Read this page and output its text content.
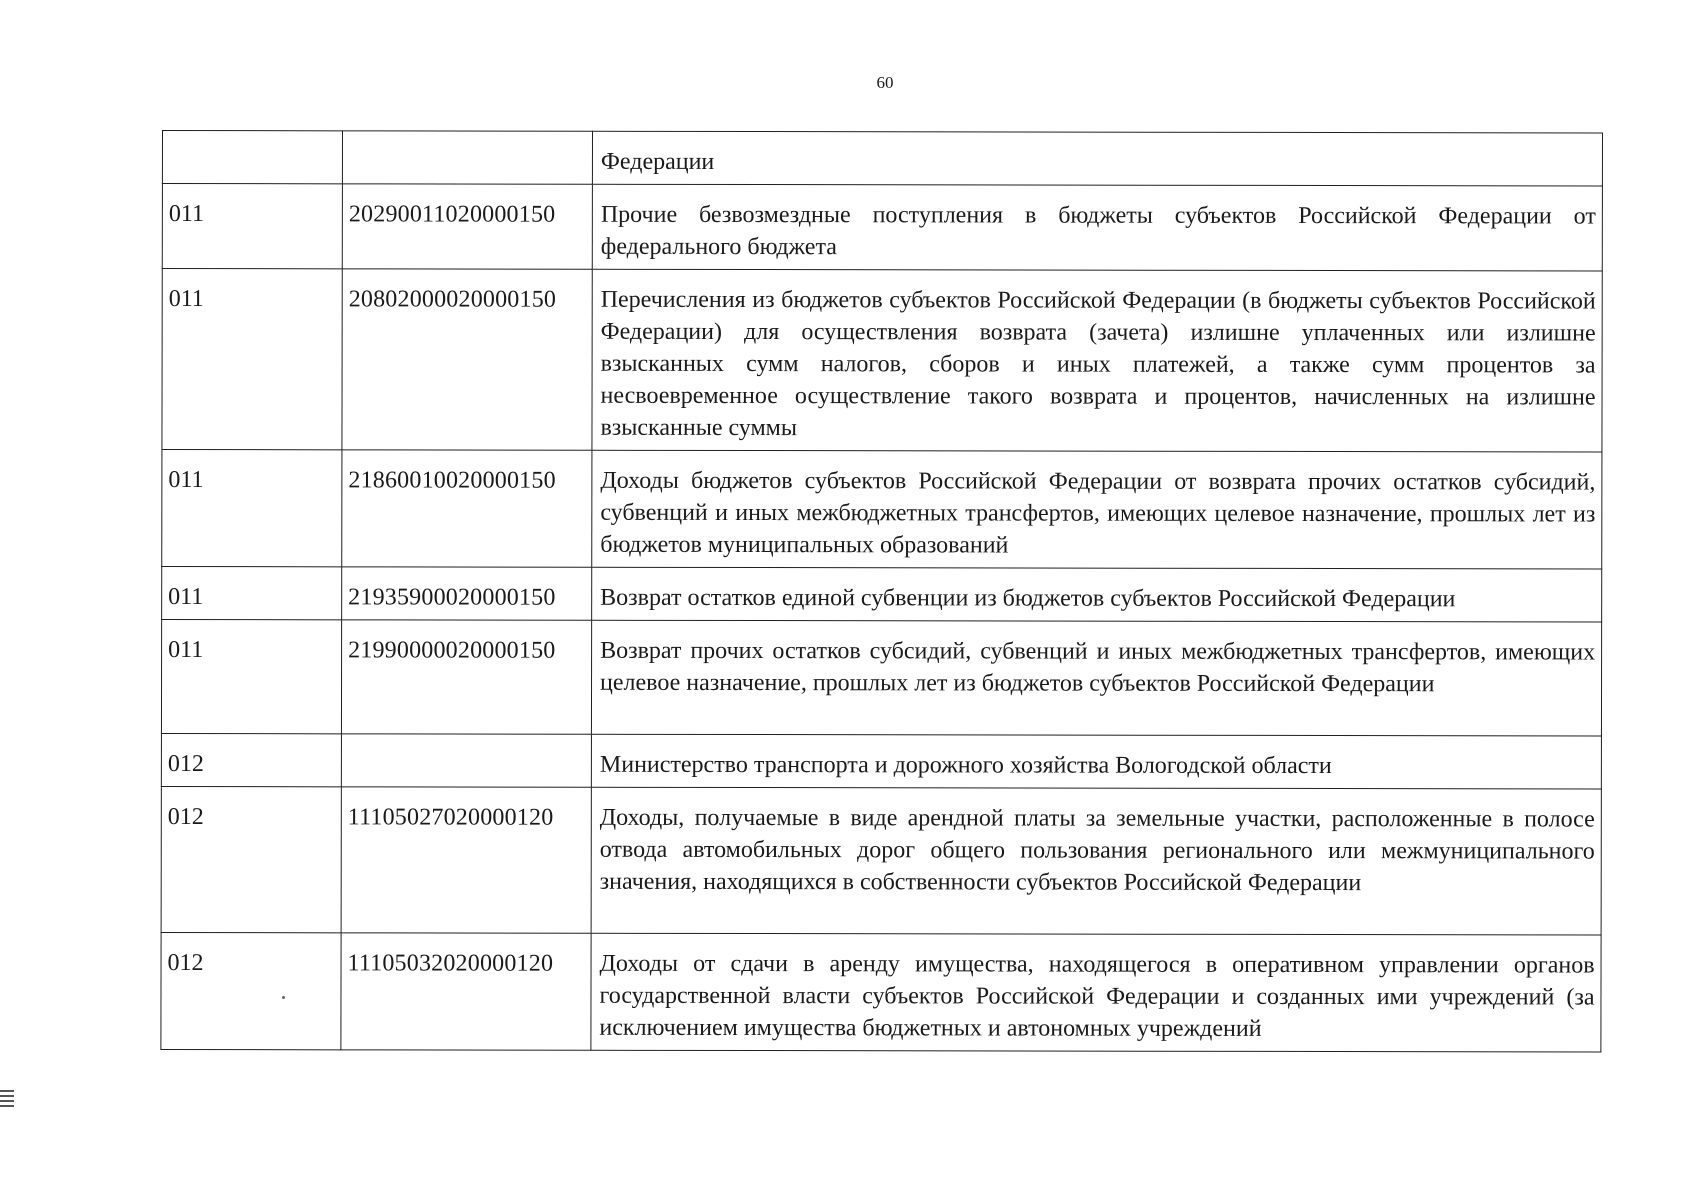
60
		Федерации
011	20290011020000150	Прочие безвозмездные поступления в бюджеты субъектов Российской Федерации от федерального бюджета
011	20802000020000150	Перечисления из бюджетов субъектов Российской Федерации (в бюджеты субъектов Российской Федерации) для осуществления возврата (зачета) излишне уплаченных или излишне взысканных сумм налогов, сборов и иных платежей, а также сумм процентов за несвоевременное осуществление такого возврата и процентов, начисленных на излишне взысканные суммы
011	21860010020000150	Доходы бюджетов субъектов Российской Федерации от возврата прочих остатков субсидий, субвенций и иных межбюджетных трансфертов, имеющих целевое назначение, прошлых лет из бюджетов муниципальных образований
011	21935900020000150	Возврат остатков единой субвенции из бюджетов субъектов Российской Федерации
011	21990000020000150	Возврат прочих остатков субсидий, субвенций и иных межбюджетных трансфертов, имеющих целевое назначение, прошлых лет из бюджетов субъектов Российской Федерации
012		Министерство транспорта и дорожного хозяйства Вологодской области
012	11105027020000120	Доходы, получаемые в виде арендной платы за земельные участки, расположенные в полосе отвода автомобильных дорог общего пользования регионального или межмуниципального значения, находящихся в собственности субъектов Российской Федерации
012	11105032020000120	Доходы от сдачи в аренду имущества, находящегося в оперативном управлении органов государственной власти субъектов Российской Федерации и созданных ими учреждений (за исключением имущества бюджетных и автономных учреждений
